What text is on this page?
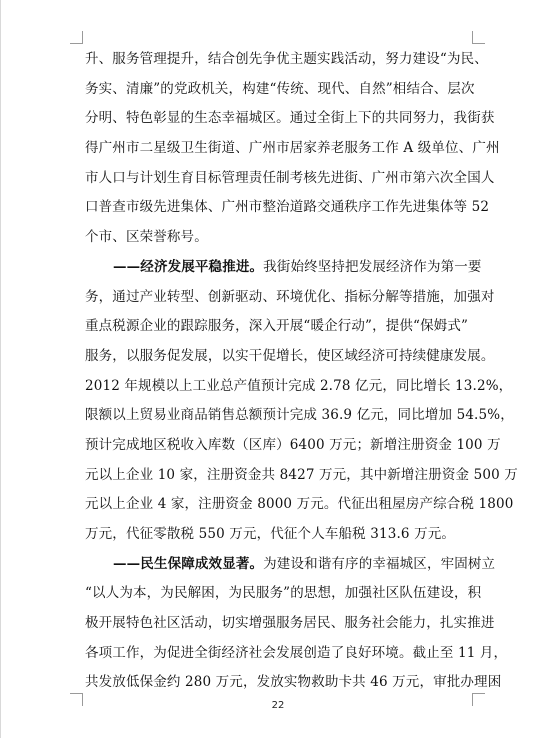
升、服务管理提升，结合创先争优主题实践活动，努力建设“为民、
务实、清廉”的党政机关，构建“传统、现代、自然”相结合、层次
分明、特色彰显的生态幸福城区。通过全街上下的共同努力，我街获
得广州市二星级卫生街道、广州市居家养老服务工作 A 级单位、广州
市人口与计划生育目标管理责任制考核先进街、广州市第六次全国人
口普查市级先进集体、广州市整治道路交通秩序工作先进集体等 52
个市、区荣誉称号。
——经济发展平稳推进。我街始终坚持把发展经济作为第一要
务，通过产业转型、创新驱动、环境优化、指标分解等措施，加强对
重点税源企业的跟踪服务，深入开展“暖企行动”，提供“保姆式”
服务，以服务促发展，以实干促增长，使区域经济可持续健康发展。
2012 年规模以上工业总产值预计完成 2.78 亿元，同比增长 13.2%，
限额以上贸易业商品销售总额预计完成 36.9 亿元，同比增加 54.5%，
预计完成地区税收入库数（区库）6400 万元；新增注册资金 100 万
元以上企业 10 家，注册资金共 8427 万元，其中新增注册资金 500 万
元以上企业 4 家，注册资金 8000 万元。代征出租屋房产综合税 1800
万元，代征零散税 550 万元，代征个人车船税 313.6 万元。
——民生保障成效显著。为建设和谐有序的幸福城区，牢固树立
“以人为本，为民解困，为民服务”的思想，加强社区队伍建设，积
极开展特色社区活动，切实增强服务居民、服务社会能力，扎实推进
各项工作，为促进全街经济社会发展创造了良好环境。截止至 11 月，
共发放低保金约 280 万元，发放实物救助卡共 46 万元，审批办理困
22
